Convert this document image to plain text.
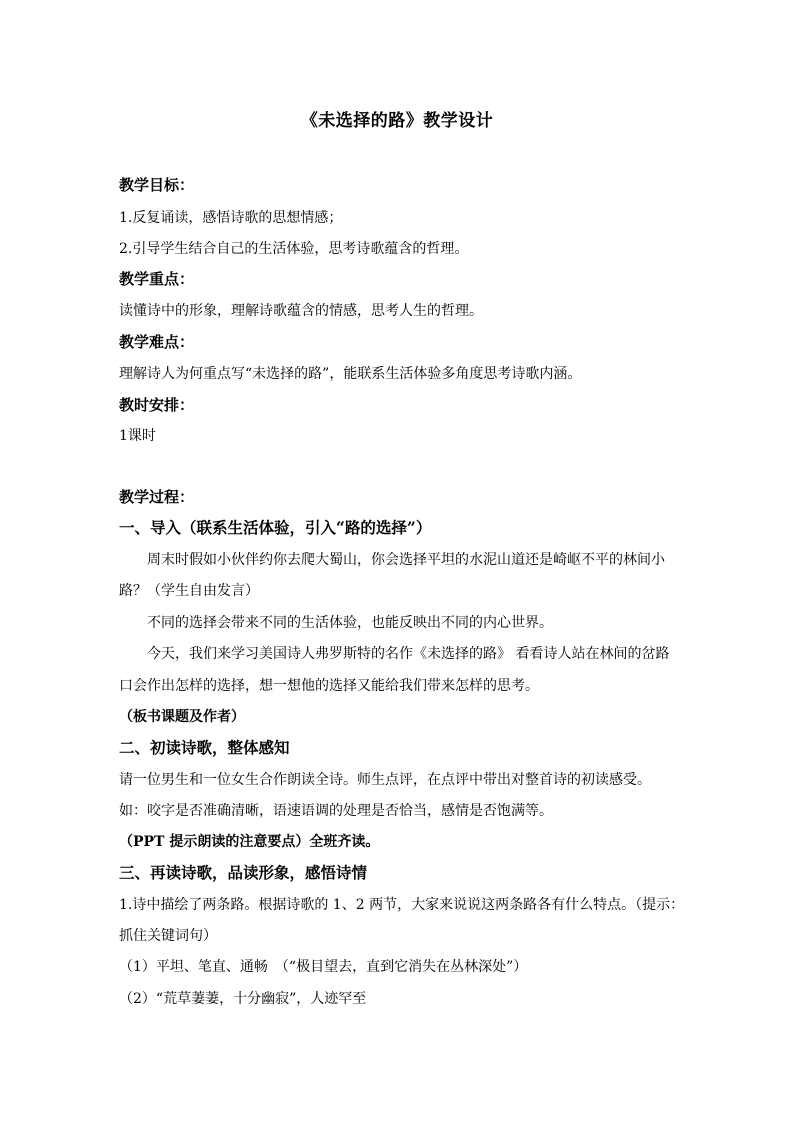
《未选择的路》教学设计
教学目标：
1.反复诵读，感悟诗歌的思想情感；
2.引导学生结合自己的生活体验，思考诗歌蕴含的哲理。
教学重点：
读懂诗中的形象，理解诗歌蕴含的情感，思考人生的哲理。
教学难点：
理解诗人为何重点写“未选择的路”，能联系生活体验多角度思考诗歌内涵。
教时安排：
1课时
教学过程：
一、导入（联系生活体验，引入“路的选择”）
周末时假如小伙伴约你去爬大蜀山，你会选择平坦的水泥山道还是崎岖不平的林间小
路？（学生自由发言）
不同的选择会带来不同的生活体验，也能反映出不同的内心世界。
今天，我们来学习美国诗人弗罗斯特的名作《未选择的路》 看看诗人站在林间的岔路
口会作出怎样的选择，想一想他的选择又能给我们带来怎样的思考。
（板书课题及作者）
二、初读诗歌，整体感知
请一位男生和一位女生合作朗读全诗。师生点评，在点评中带出对整首诗的初读感受。
如：咬字是否准确清晰，语速语调的处理是否恰当，感情是否饱满等。
（PPT 提示朗读的注意要点）全班齐读。
三、再读诗歌，品读形象，感悟诗情
1.诗中描绘了两条路。根据诗歌的 1、2 两节，大家来说说这两条路各有什么特点。（提示：
抓住关键词句）
（1）平坦、笔直、通畅　（“极目望去，直到它消失在丛林深处”）
（2）“荒草萋萋，十分幽寂”，人迹罕至
